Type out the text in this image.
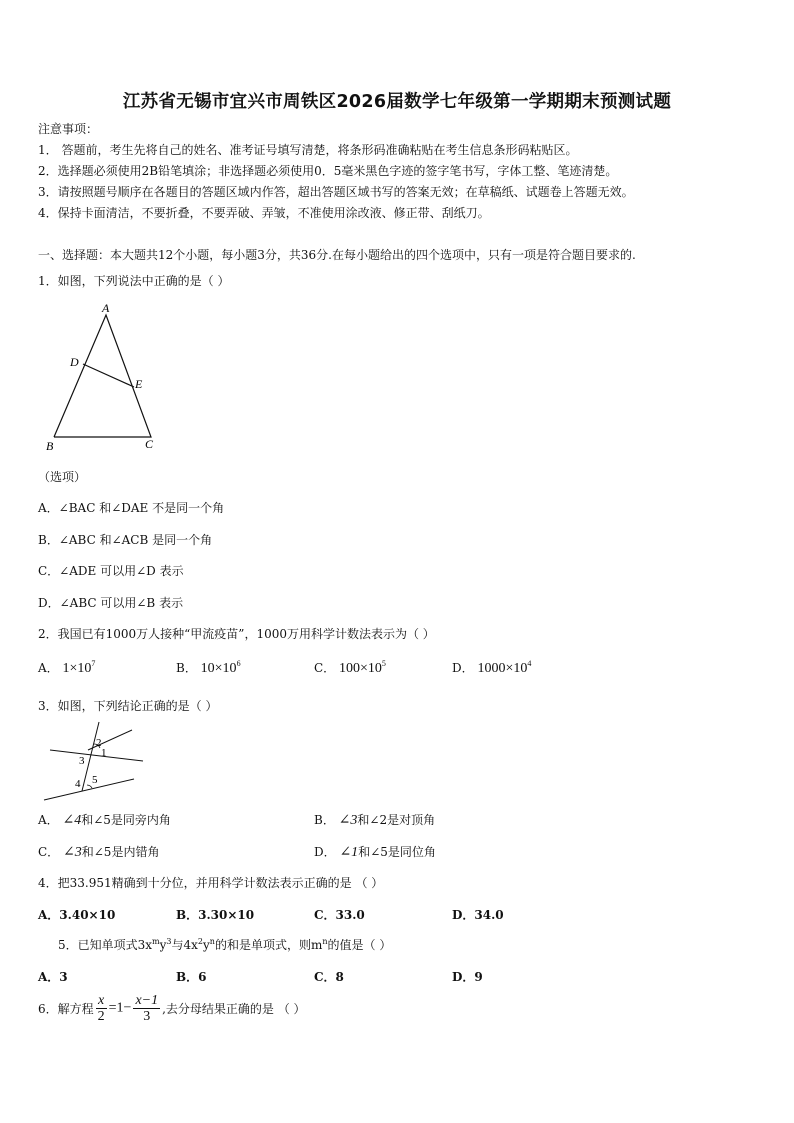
江苏省无锡市宜兴市周铁区2026届数学七年级第一学期期末预测试题
注意事项：
1． 答题前，考生先将自己的姓名、准考证号填写清楚，将条形码准确粘贴在考生信息条形码粘贴区。
2．选择题必须使用2B铅笔填涂；非选择题必须使用0．5毫米黑色字迹的签字笔书写，字体工整、笔迹清楚。
3．请按照题号顺序在各题目的答题区域内作答，超出答题区域书写的答案无效；在草稿纸、试题卷上答题无效。
4．保持卡面清洁，不要折叠，不要弄破、弄皱，不准使用涂改液、修正带、刮纸刀。
一、选择题：本大题共12个小题，每小题3分，共36分.在每小题给出的四个选项中，只有一项是符合题目要求的.
1．如图，下列说法中正确的是（ ）
A
D
E
B	C
（选项）
A．∠BAC 和∠DAE 不是同一个角
B．∠ABC 和∠ACB 是同一个角
C．∠ADE 可以用∠D 表示
D．∠ABC 可以用∠B 表示
2．我国已有1000万人接种“甲流疫苗”，1000万用科学计数法表示为（ ）
A． $1\times 10^7$	B． $10\times 10^6$	C． $100\times 10^5$	D． $1000\times 10^4$
3．如图，下列结论正确的是（ ）
1
2
3
4 5
A． ∠4和∠5是同旁内角	B． ∠3和∠2是对顶角
C． ∠3和∠5是内错角	D． ∠1和∠5是同位角
4．把33.951精确到十分位，并用科学计数法表示正确的是 （ ）
A．3.40×10	B．3.30×10	C．33.0	D．34.0
5．已知单项式$3x^my^3$与$4x^2y^n$的和是单项式，则$m^n$的值是（ ）
A．3	B．6	C．8	D．9
6．解方程 $\frac{x}{2} =1- \frac{x-1}{3}$ ,去分母结果正确的是 （ ）
